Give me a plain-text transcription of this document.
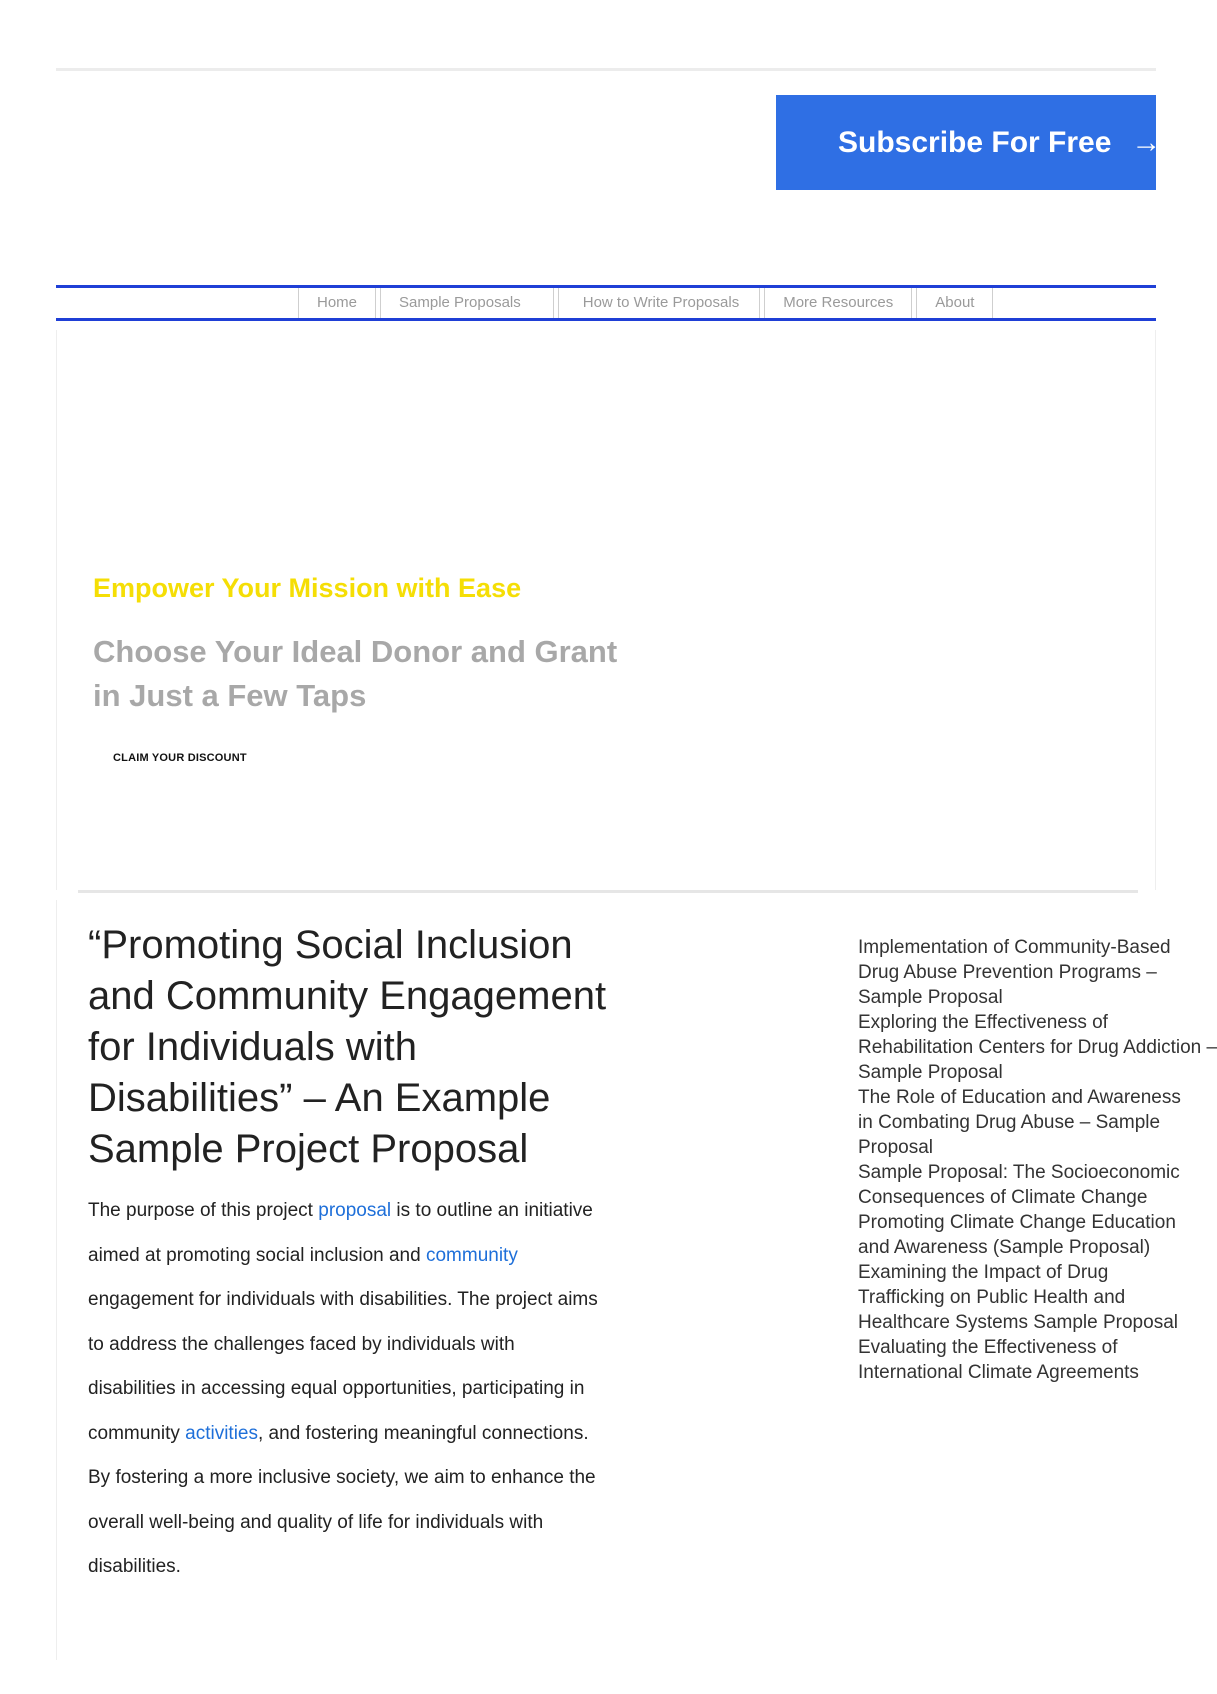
Subscribe For Free →
Home	Sample Proposals	How to Write Proposals	More Resources	About
Empower Your Mission with Ease
Choose Your Ideal Donor and Grant in Just a Few Taps
CLAIM YOUR DISCOUNT
“Promoting Social Inclusion and Community Engagement for Individuals with Disabilities” – An Example Sample Project Proposal

The purpose of this project proposal is to outline an initiative aimed at promoting social inclusion and community engagement for individuals with disabilities. The project aims to address the challenges faced by individuals with disabilities in accessing equal opportunities, participating in community activities, and fostering meaningful connections. By fostering a more inclusive society, we aim to enhance the overall well-being and quality of life for individuals with disabilities.

Implementation of Community-Based
Drug Abuse Prevention Programs –
Sample Proposal
Exploring the Effectiveness of
Rehabilitation Centers for Drug Addiction –
Sample Proposal
The Role of Education and Awareness
in Combating Drug Abuse – Sample
Proposal
Sample Proposal: The Socioeconomic
Consequences of Climate Change
Promoting Climate Change Education
and Awareness (Sample Proposal)
Examining the Impact of Drug
Trafficking on Public Health and
Healthcare Systems Sample Proposal
Evaluating the Effectiveness of
International Climate Agreements
